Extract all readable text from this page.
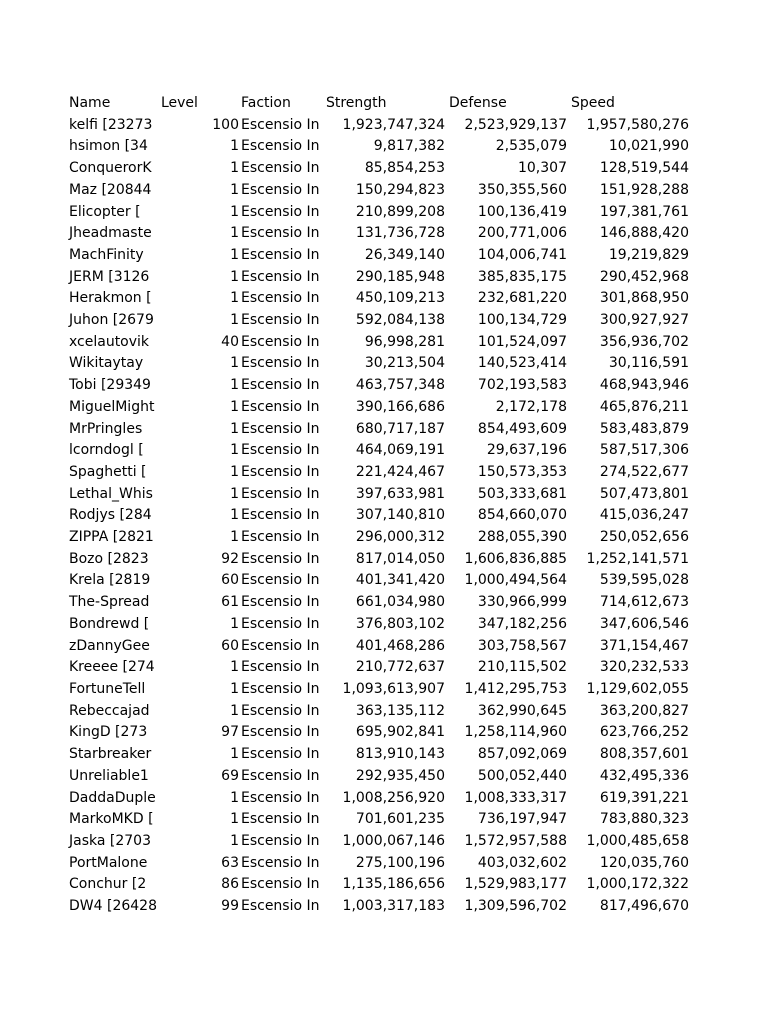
Name	Level	Faction	Strength	Defense	Speed
kelfi [23273	100	Escensio In	1,923,747,324	2,523,929,137	1,957,580,276
hsimon [34	1	Escensio In	9,817,382	2,535,079	10,021,990
ConquerorK	1	Escensio In	85,854,253	10,307	128,519,544
Maz [20844	1	Escensio In	150,294,823	350,355,560	151,928,288
Elicopter [	1	Escensio In	210,899,208	100,136,419	197,381,761
Jheadmaste	1	Escensio In	131,736,728	200,771,006	146,888,420
MachFinity	1	Escensio In	26,349,140	104,006,741	19,219,829
JERM [3126	1	Escensio In	290,185,948	385,835,175	290,452,968
Herakmon [	1	Escensio In	450,109,213	232,681,220	301,868,950
Juhon [2679	1	Escensio In	592,084,138	100,134,729	300,927,927
xcelautovik	40	Escensio In	96,998,281	101,524,097	356,936,702
Wikitaytay	1	Escensio In	30,213,504	140,523,414	30,116,591
Tobi [29349	1	Escensio In	463,757,348	702,193,583	468,943,946
MiguelMight	1	Escensio In	390,166,686	2,172,178	465,876,211
MrPringles	1	Escensio In	680,717,187	854,493,609	583,483,879
lcorndogl [	1	Escensio In	464,069,191	29,637,196	587,517,306
Spaghetti [	1	Escensio In	221,424,467	150,573,353	274,522,677
Lethal_Whis	1	Escensio In	397,633,981	503,333,681	507,473,801
Rodjys [284	1	Escensio In	307,140,810	854,660,070	415,036,247
ZIPPA [2821	1	Escensio In	296,000,312	288,055,390	250,052,656
Bozo [2823	92	Escensio In	817,014,050	1,606,836,885	1,252,141,571
Krela [2819	60	Escensio In	401,341,420	1,000,494,564	539,595,028
The-Spread	61	Escensio In	661,034,980	330,966,999	714,612,673
Bondrewd [	1	Escensio In	376,803,102	347,182,256	347,606,546
zDannyGee	60	Escensio In	401,468,286	303,758,567	371,154,467
Kreeee [274	1	Escensio In	210,772,637	210,115,502	320,232,533
FortuneTell	1	Escensio In	1,093,613,907	1,412,295,753	1,129,602,055
Rebeccajad	1	Escensio In	363,135,112	362,990,645	363,200,827
KingD [273	97	Escensio In	695,902,841	1,258,114,960	623,766,252
Starbreaker	1	Escensio In	813,910,143	857,092,069	808,357,601
Unreliable1	69	Escensio In	292,935,450	500,052,440	432,495,336
DaddaDuple	1	Escensio In	1,008,256,920	1,008,333,317	619,391,221
MarkoMKD [	1	Escensio In	701,601,235	736,197,947	783,880,323
Jaska [2703	1	Escensio In	1,000,067,146	1,572,957,588	1,000,485,658
PortMalone	63	Escensio In	275,100,196	403,032,602	120,035,760
Conchur [2	86	Escensio In	1,135,186,656	1,529,983,177	1,000,172,322
DW4 [26428	99	Escensio In	1,003,317,183	1,309,596,702	817,496,670
